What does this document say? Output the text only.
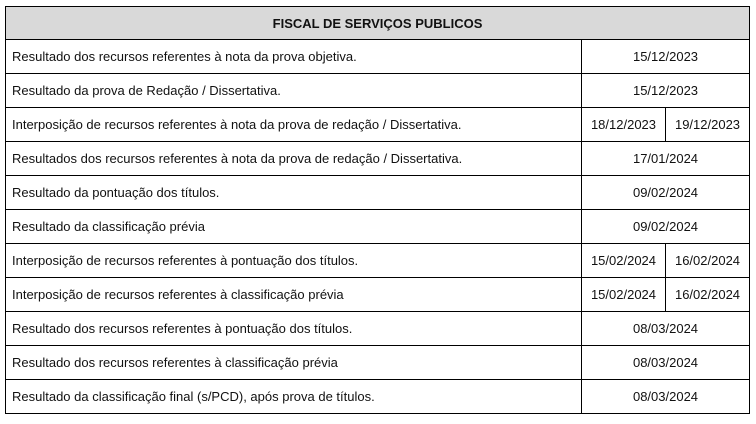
FISCAL DE SERVIÇOS PUBLICOS		
Resultado dos recursos referentes à nota da prova objetiva.	15/12/2023	
Resultado da prova de Redação / Dissertativa.	15/12/2023	
Interposição de recursos referentes à nota da prova de redação / Dissertativa.	18/12/2023	19/12/2023
Resultados dos recursos referentes à nota da prova de redação / Dissertativa.	17/01/2024	
Resultado da pontuação dos títulos.	09/02/2024	
Resultado da classificação prévia	09/02/2024	
Interposição de recursos referentes à pontuação dos títulos.	15/02/2024	16/02/2024
Interposição de recursos referentes à classificação prévia	15/02/2024	16/02/2024
Resultado dos recursos referentes à pontuação dos títulos.	08/03/2024	
Resultado dos recursos referentes à classificação prévia	08/03/2024	
Resultado da classificação final (s/PCD), após prova de títulos.	08/03/2024	
